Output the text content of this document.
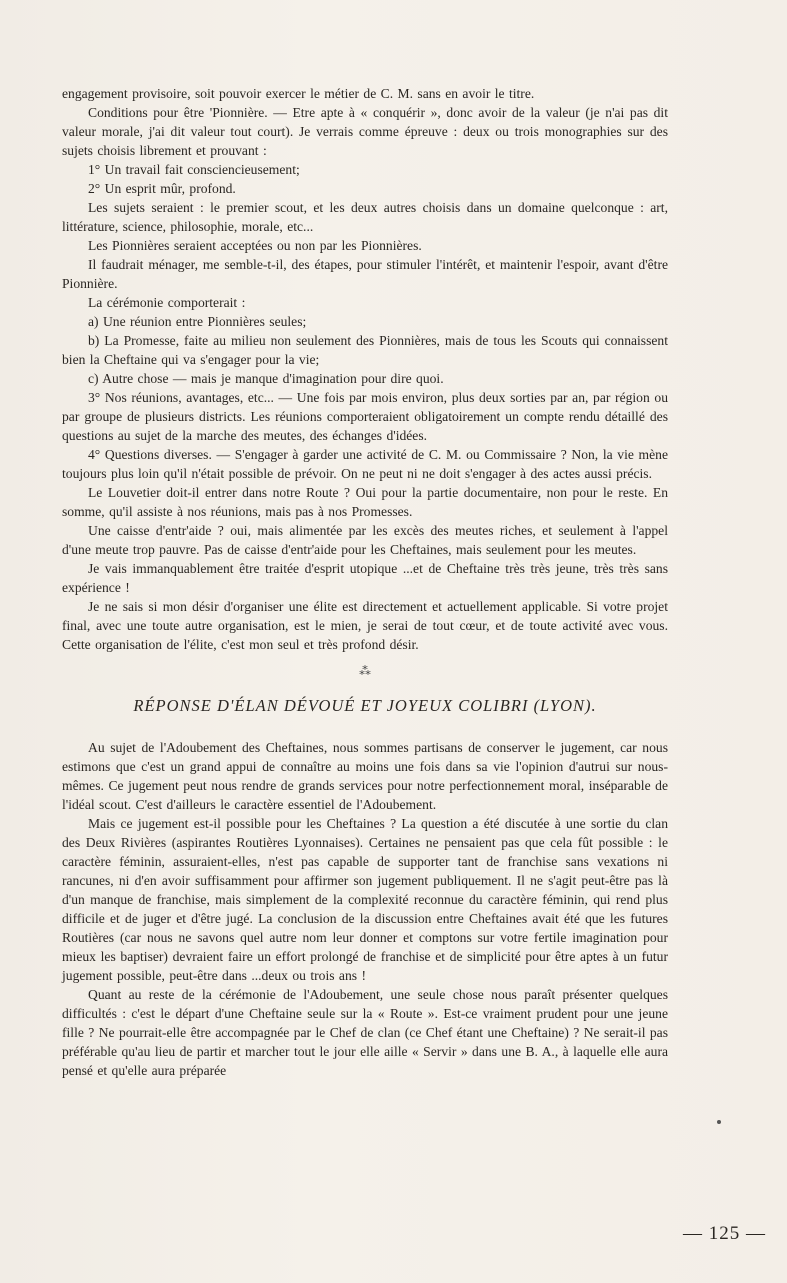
engagement provisoire, soit pouvoir exercer le métier de C. M. sans en avoir le titre.

Conditions pour être 'Pionnière. — Etre apte à « conquérir », donc avoir de la valeur (je n'ai pas dit valeur morale, j'ai dit valeur tout court). Je verrais comme épreuve : deux ou trois monographies sur des sujets choisis librement et prouvant :

1° Un travail fait consciencieusement;

2° Un esprit mûr, profond.

Les sujets seraient : le premier scout, et les deux autres choisis dans un domaine quelconque : art, littérature, science, philosophie, morale, etc...

Les Pionnières seraient acceptées ou non par les Pionnières.

Il faudrait ménager, me semble-t-il, des étapes, pour stimuler l'intérêt, et maintenir l'espoir, avant d'être Pionnière.

La cérémonie comporterait :

a) Une réunion entre Pionnières seules;

b) La Promesse, faite au milieu non seulement des Pionnières, mais de tous les Scouts qui connaissent bien la Cheftaine qui va s'engager pour la vie;

c) Autre chose — mais je manque d'imagination pour dire quoi.

3° Nos réunions, avantages, etc... — Une fois par mois environ, plus deux sorties par an, par région ou par groupe de plusieurs districts. Les réunions comporteraient obligatoirement un compte rendu détaillé des questions au sujet de la marche des meutes, des échanges d'idées.

4° Questions diverses. — S'engager à garder une activité de C. M. ou Commissaire ? Non, la vie mène toujours plus loin qu'il n'était possible de prévoir. On ne peut ni ne doit s'engager à des actes aussi précis.

Le Louvetier doit-il entrer dans notre Route ? Oui pour la partie documentaire, non pour le reste. En somme, qu'il assiste à nos réunions, mais pas à nos Promesses.

Une caisse d'entr'aide ? oui, mais alimentée par les excès des meutes riches, et seulement à l'appel d'une meute trop pauvre. Pas de caisse d'entr'aide pour les Cheftaines, mais seulement pour les meutes.

Je vais immanquablement être traitée d'esprit utopique ...et de Cheftaine très très jeune, très très sans expérience !

Je ne sais si mon désir d'organiser une élite est directement et actuellement applicable. Si votre projet final, avec une toute autre organisation, est le mien, je serai de tout cœur, et de toute activité avec vous. Cette organisation de l'élite, c'est mon seul et très profond désir.

⁂
RÉPONSE D'ÉLAN DÉVOUÉ ET JOYEUX COLIBRI (LYON).

Au sujet de l'Adoubement des Cheftaines, nous sommes partisans de conserver le jugement, car nous estimons que c'est un grand appui de connaître au moins une fois dans sa vie l'opinion d'autrui sur nous-mêmes. Ce jugement peut nous rendre de grands services pour notre perfectionnement moral, inséparable de l'idéal scout. C'est d'ailleurs le caractère essentiel de l'Adoubement.

Mais ce jugement est-il possible pour les Cheftaines ? La question a été discutée à une sortie du clan des Deux Rivières (aspirantes Routières Lyonnaises). Certaines ne pensaient pas que cela fût possible : le caractère féminin, assuraient-elles, n'est pas capable de supporter tant de franchise sans vexations ni rancunes, ni d'en avoir suffisamment pour affirmer son jugement publiquement. Il ne s'agit peut-être pas là d'un manque de franchise, mais simplement de la complexité reconnue du caractère féminin, qui rend plus difficile et de juger et d'être jugé. La conclusion de la discussion entre Cheftaines avait été que les futures Routières (car nous ne savons quel autre nom leur donner et comptons sur votre fertile imagination pour mieux les baptiser) devraient faire un effort prolongé de franchise et de simplicité pour être aptes à un futur jugement possible, peut-être dans ...deux ou trois ans !

Quant au reste de la cérémonie de l'Adoubement, une seule chose nous paraît présenter quelques difficultés : c'est le départ d'une Cheftaine seule sur la « Route ». Est-ce vraiment prudent pour une jeune fille ? Ne pourrait-elle être accompagnée par le Chef de clan (ce Chef étant une Cheftaine) ? Ne serait-il pas préférable qu'au lieu de partir et marcher tout le jour elle aille « Servir » dans une B. A., à laquelle elle aura pensé et qu'elle aura préparée

— 125 —
